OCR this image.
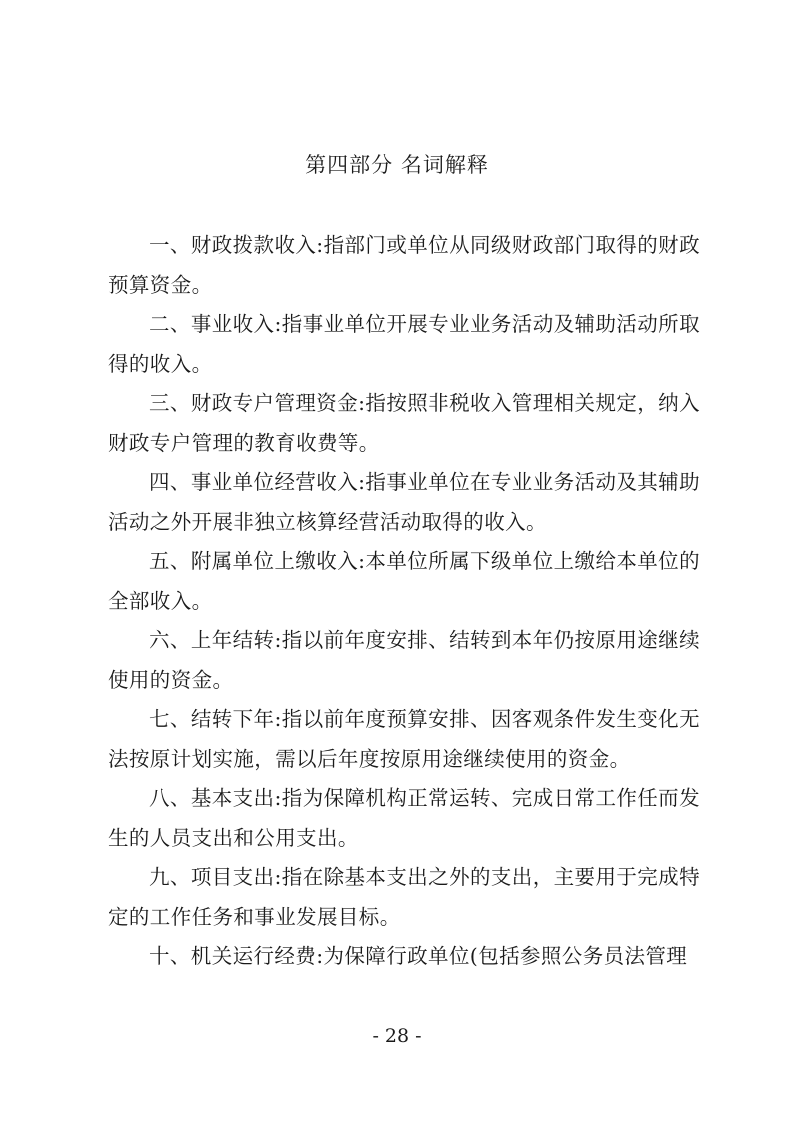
第四部分 名词解释

一、财政拨款收入:指部门或单位从同级财政部门取得的财政预算资金。

二、事业收入:指事业单位开展专业业务活动及辅助活动所取得的收入。

三、财政专户管理资金:指按照非税收入管理相关规定，纳入财政专户管理的教育收费等。

四、事业单位经营收入:指事业单位在专业业务活动及其辅助活动之外开展非独立核算经营活动取得的收入。

五、附属单位上缴收入:本单位所属下级单位上缴给本单位的全部收入。

六、上年结转:指以前年度安排、结转到本年仍按原用途继续使用的资金。

七、结转下年:指以前年度预算安排、因客观条件发生变化无法按原计划实施，需以后年度按原用途继续使用的资金。

八、基本支出:指为保障机构正常运转、完成日常工作任而发生的人员支出和公用支出。

九、项目支出:指在除基本支出之外的支出，主要用于完成特定的工作任务和事业发展目标。

十、机关运行经费:为保障行政单位(包括参照公务员法管理

- 28 -
